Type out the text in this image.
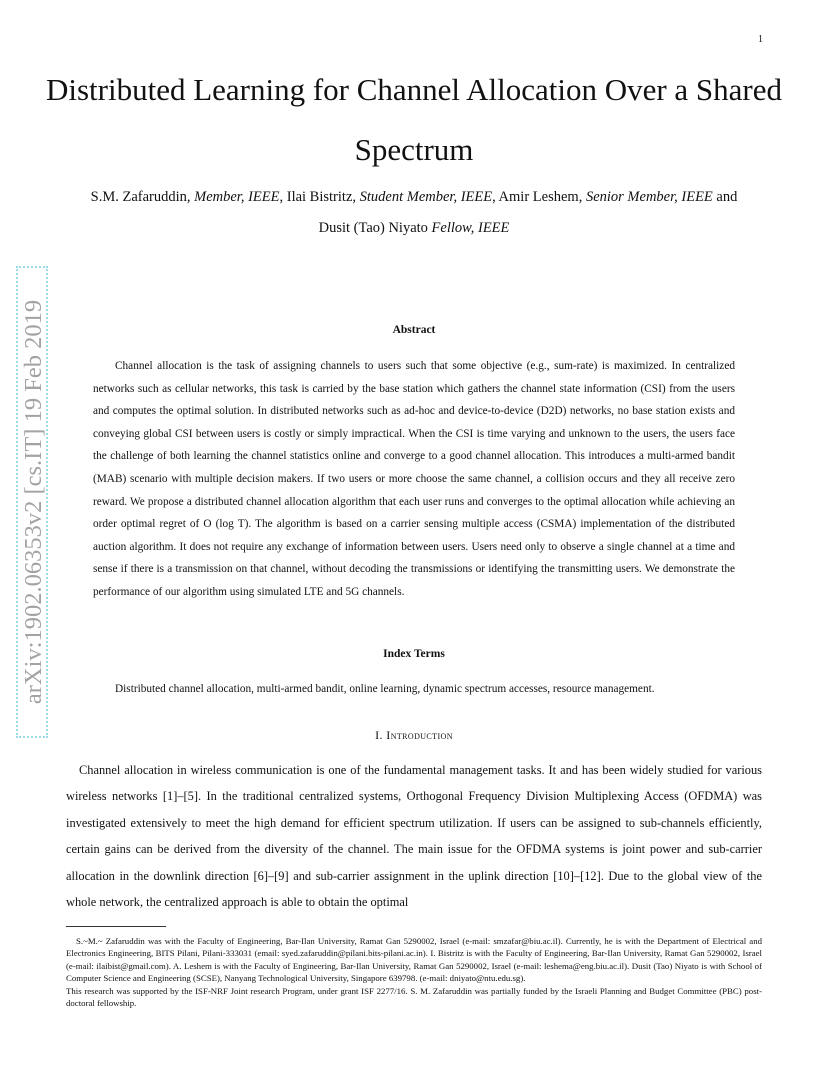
1
Distributed Learning for Channel Allocation Over a Shared Spectrum
S.M. Zafaruddin, Member, IEEE, Ilai Bistritz, Student Member, IEEE, Amir Leshem, Senior Member, IEEE and
Dusit (Tao) Niyato Fellow, IEEE
arXiv:1902.06353v2 [cs.IT] 19 Feb 2019	Abstract

Channel allocation is the task of assigning channels to users such that some objective (e.g., sum-rate) is maximized. In centralized networks such as cellular networks, this task is carried by the base station which gathers the channel state information (CSI) from the users and computes the optimal solution. In distributed networks such as ad-hoc and device-to-device (D2D) networks, no base station exists and conveying global CSI between users is costly or simply impractical. When the CSI is time varying and unknown to the users, the users face the challenge of both learning the channel statistics online and converge to a good channel allocation. This introduces a multi-armed bandit (MAB) scenario with multiple decision makers. If two users or more choose the same channel, a collision occurs and they all receive zero reward. We propose a distributed channel allocation algorithm that each user runs and converges to the optimal allocation while achieving an order optimal regret of O (log T). The algorithm is based on a carrier sensing multiple access (CSMA) implementation of the distributed auction algorithm. It does not require any exchange of information between users. Users need only to observe a single channel at a time and sense if there is a transmission on that channel, without decoding the transmissions or identifying the transmitting users. We demonstrate the performance of our algorithm using simulated LTE and 5G channels.

Index Terms

Distributed channel allocation, multi-armed bandit, online learning, dynamic spectrum accesses, resource management.

I. Introduction

Channel allocation in wireless communication is one of the fundamental management tasks. It and has been widely studied for various wireless networks [1]–[5]. In the traditional centralized systems, Orthogonal Frequency Division Multiplexing Access (OFDMA) was investigated extensively to meet the high demand for efficient spectrum utilization. If users can be assigned to sub-channels efficiently, certain gains can be derived from the diversity of the channel. The main issue for the OFDMA systems is joint power and sub-carrier allocation in the downlink direction [6]–[9] and sub-carrier assignment in the uplink direction [10]–[12]. Due to the global view of the whole network, the centralized approach is able to obtain the optimal

S.~M.~ Zafaruddin was with the Faculty of Engineering, Bar-Ilan University, Ramat Gan 5290002, Israel (e-mail: smzafar@biu.ac.il). Currently, he is with the Department of Electrical and Electronics Engineering, BITS Pilani, Pilani-333031 (email: syed.zafaruddin@pilani.bits-pilani.ac.in). I. Bistritz is with the Faculty of Engineering, Bar-Ilan University, Ramat Gan 5290002, Israel (e-mail: ilaibist@gmail.com). A. Leshem is with the Faculty of Engineering, Bar-Ilan University, Ramat Gan 5290002, Israel (e-mail: leshema@eng.biu.ac.il). Dusit (Tao) Niyato is with School of Computer Science and Engineering (SCSE), Nanyang Technological University, Singapore 639798. (e-mail: dniyato@ntu.edu.sg).

This research was supported by the ISF-NRF Joint research Program, under grant ISF 2277/16. S. M. Zafaruddin was partially funded by the Israeli Planning and Budget Committee (PBC) post-doctoral fellowship.
